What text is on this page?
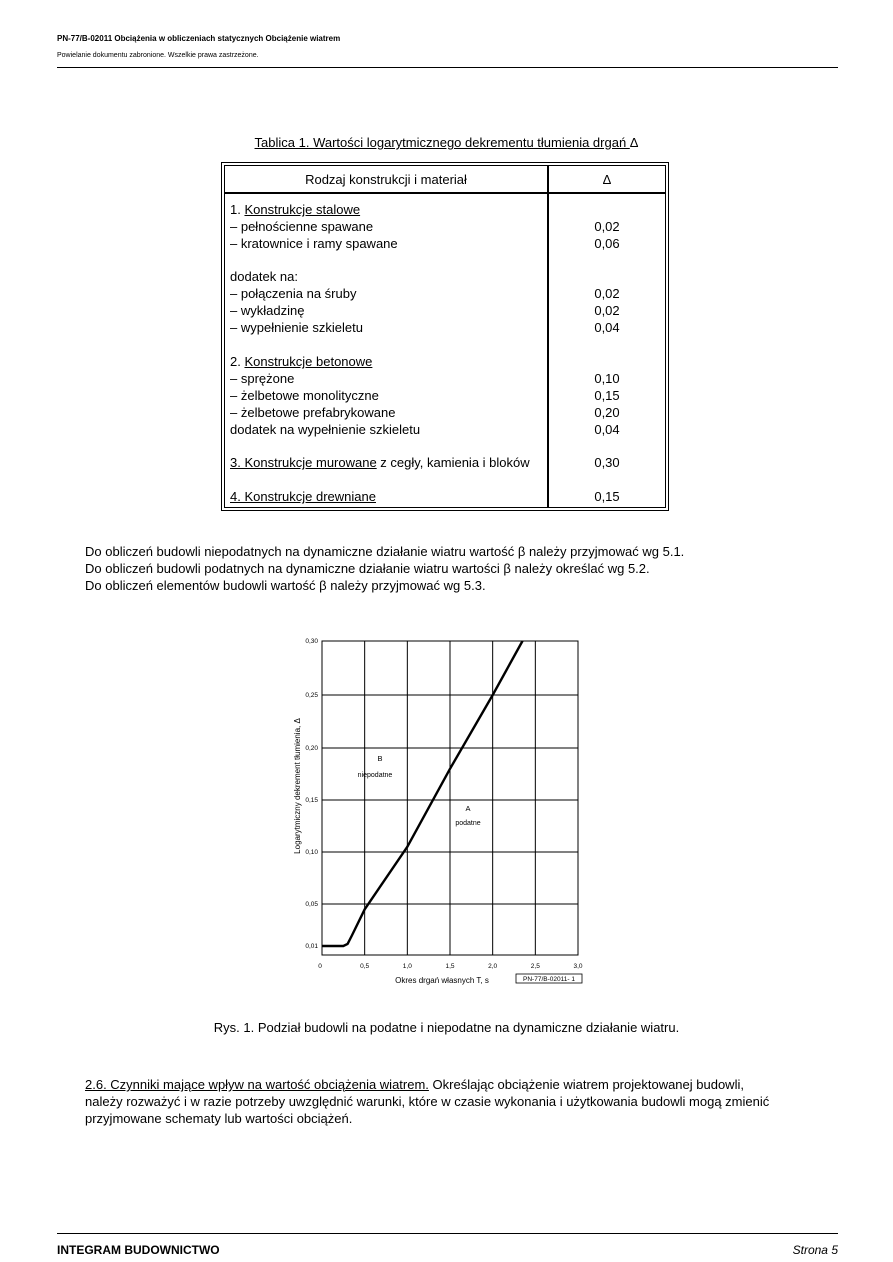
PN-77/B-02011 Obciążenia w obliczeniach statycznych Obciążenie wiatrem
Powielanie dokumentu zabronione. Wszelkie prawa zastrzeżone.
Tablica 1. Wartości logarytmicznego dekrementu tłumienia drgań Δ
Rodzaj konstrukcji i materiał	Δ
1. Konstrukcje stalowe
– pełnościenne spawane	0,02
– kratownice i ramy spawane	0,06
dodatek na:
– połączenia na śruby	0,02
– wykładzinę	0,02
– wypełnienie szkieletu	0,04
2. Konstrukcje betonowe
– sprężone	0,10
– żelbetowe monolityczne	0,15
– żelbetowe prefabrykowane	0,20
dodatek na wypełnienie szkieletu	0,04
3. Konstrukcje murowane z cegły, kamienia i bloków	0,30
4. Konstrukcje drewniane	0,15
Do obliczeń budowli niepodatnych na dynamiczne działanie wiatru wartość β należy przyjmować wg 5.1.
Do obliczeń budowli podatnych na dynamiczne działanie wiatru wartości β należy określać wg 5.2.
Do obliczeń elementów budowli wartość β należy przyjmować wg 5.3.
0	0,5	1,0	1,5	2,0	2,5	3,0
0,01
0,05
0,10
0,15
0,20
0,25
0,30
Okres drgań własnych T, s
Logarytmiczny dekrement tłumienia, Δ
PN-77/B-02011- 1
B
niepodatne
A
podatne
Rys. 1. Podział budowli na podatne i niepodatne na dynamiczne działanie wiatru.
2.6. Czynniki mające wpływ na wartość obciążenia wiatrem. Określając obciążenie wiatrem projektowanej budowli,
należy rozważyć i w razie potrzeby uwzględnić warunki, które w czasie wykonania i użytkowania budowli mogą zmienić
przyjmowane schematy lub wartości obciążeń.
INTEGRAM BUDOWNICTWO	Strona 5
